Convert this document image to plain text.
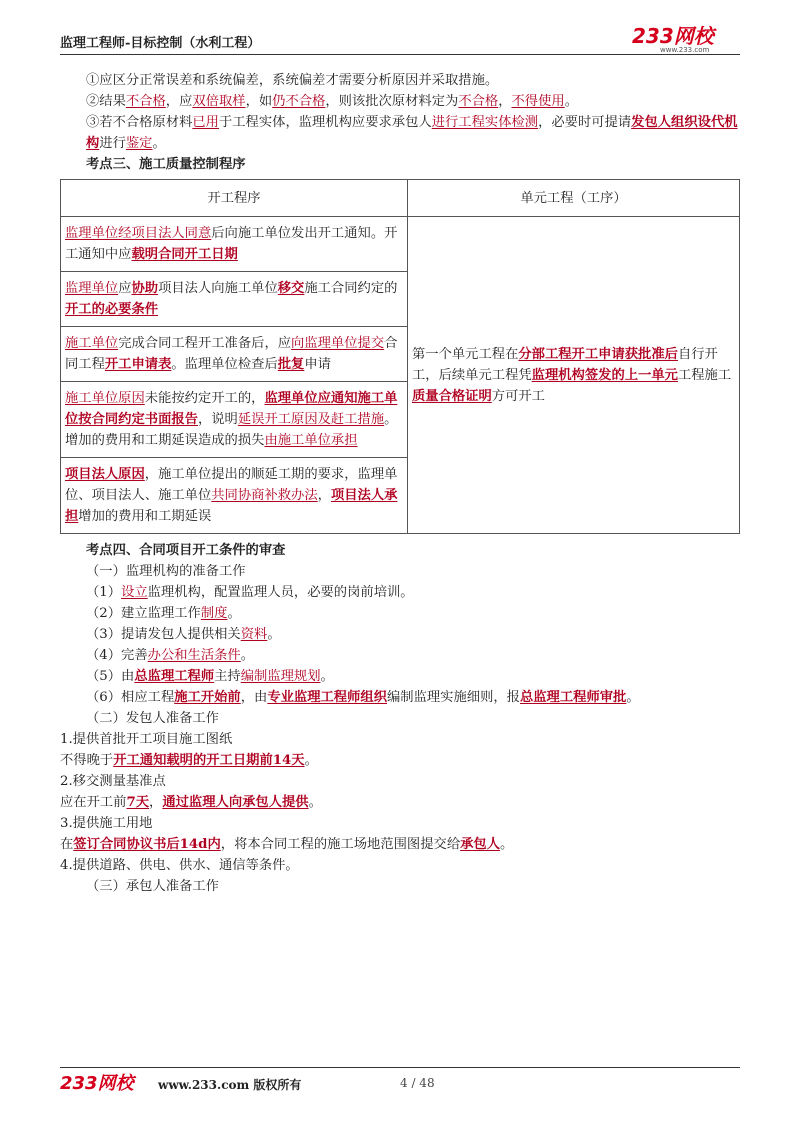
监理工程师-目标控制（水利工程）	233网校
www.233.com

①应区分正常误差和系统偏差，系统偏差才需要分析原因并采取措施。

②结果不合格，应双倍取样，如仍不合格，则该批次原材料定为不合格，不得使用。

③若不合格原材料已用于工程实体，监理机构应要求承包人进行工程实体检测，必要时可提请发包人组织设代机构进行鉴定。

考点三、施工质量控制程序

开工程序	单元工程（工序）
监理单位经项目法人同意后向施工单位发出开工通知。开工通知中应载明合同开工日期	第一个单元工程在分部工程开工申请获批准后自行开工，后续单元工程凭监理机构签发的上一单元工程施工质量合格证明方可开工
监理单位应协助项目法人向施工单位移交施工合同约定的开工的必要条件	
施工单位完成合同工程开工准备后，应向监理单位提交合同工程开工申请表。监理单位检查后批复申请	
施工单位原因未能按约定开工的，监理单位应通知施工单位按合同约定书面报告，说明延误开工原因及赶工措施。增加的费用和工期延误造成的损失由施工单位承担	
项目法人原因，施工单位提出的顺延工期的要求，监理单位、项目法人、施工单位共同协商补救办法，项目法人承担增加的费用和工期延误	

考点四、合同项目开工条件的审查

（一）监理机构的准备工作

（1）设立监理机构，配置监理人员，必要的岗前培训。

（2）建立监理工作制度。

（3）提请发包人提供相关资料。

（4）完善办公和生活条件。

（5）由总监理工程师主持编制监理规划。

（6）相应工程施工开始前，由专业监理工程师组织编制监理实施细则，报总监理工程师审批。

（二）发包人准备工作

1.提供首批开工项目施工图纸

不得晚于开工通知载明的开工日期前14天。

2.移交测量基准点

应在开工前7天，通过监理人向承包人提供。

3.提供施工用地

在签订合同协议书后14d内，将本合同工程的施工场地范围图提交给承包人。

4.提供道路、供电、供水、通信等条件。

（三）承包人准备工作

233网校 www.233.com 版权所有	4 / 48
